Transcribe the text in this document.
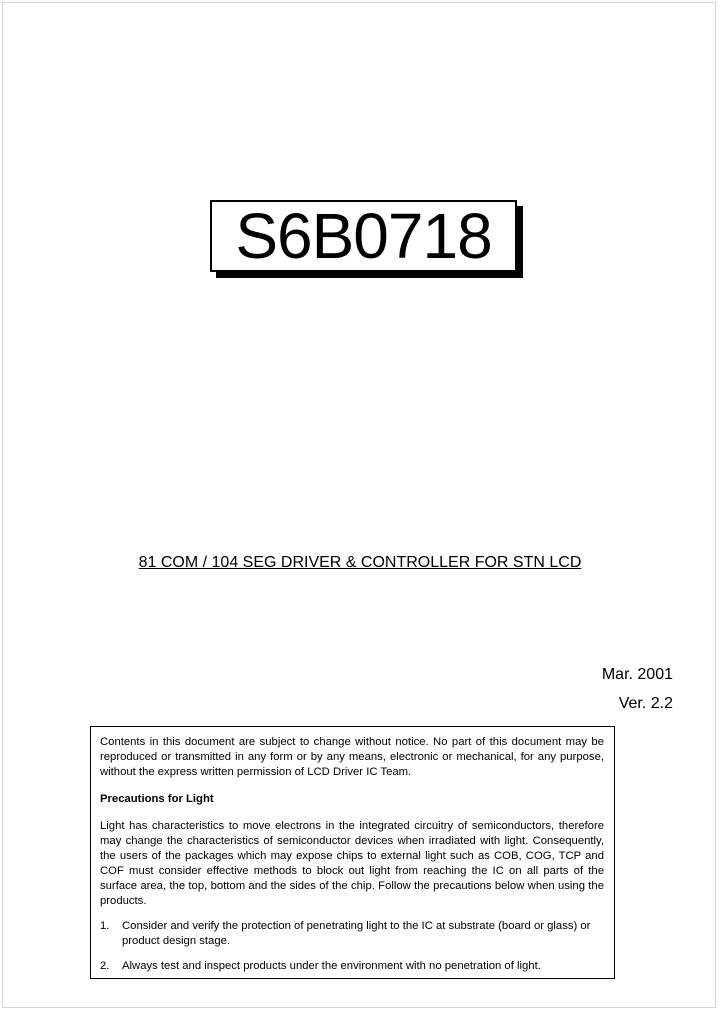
S6B0718
81 COM / 104 SEG DRIVER & CONTROLLER FOR STN LCD
Mar. 2001
Ver. 2.2

Contents in this document are subject to change without notice. No part of this document may be reproduced or transmitted in any form or by any means, electronic or mechanical, for any purpose, without the express written permission of LCD Driver IC Team.

Precautions for Light

Light has characteristics to move electrons in the integrated circuitry of semiconductors, therefore may change the characteristics of semiconductor devices when irradiated with light. Consequently, the users of the packages which may expose chips to external light such as COB, COG, TCP and COF must consider effective methods to block out light from reaching the IC on all parts of the surface area, the top, bottom and the sides of the chip. Follow the precautions below when using the products.

1.	Consider and verify the protection of penetrating light to the IC at substrate (board or glass) or product design stage.
2.	Always test and inspect products under the environment with no penetration of light.
